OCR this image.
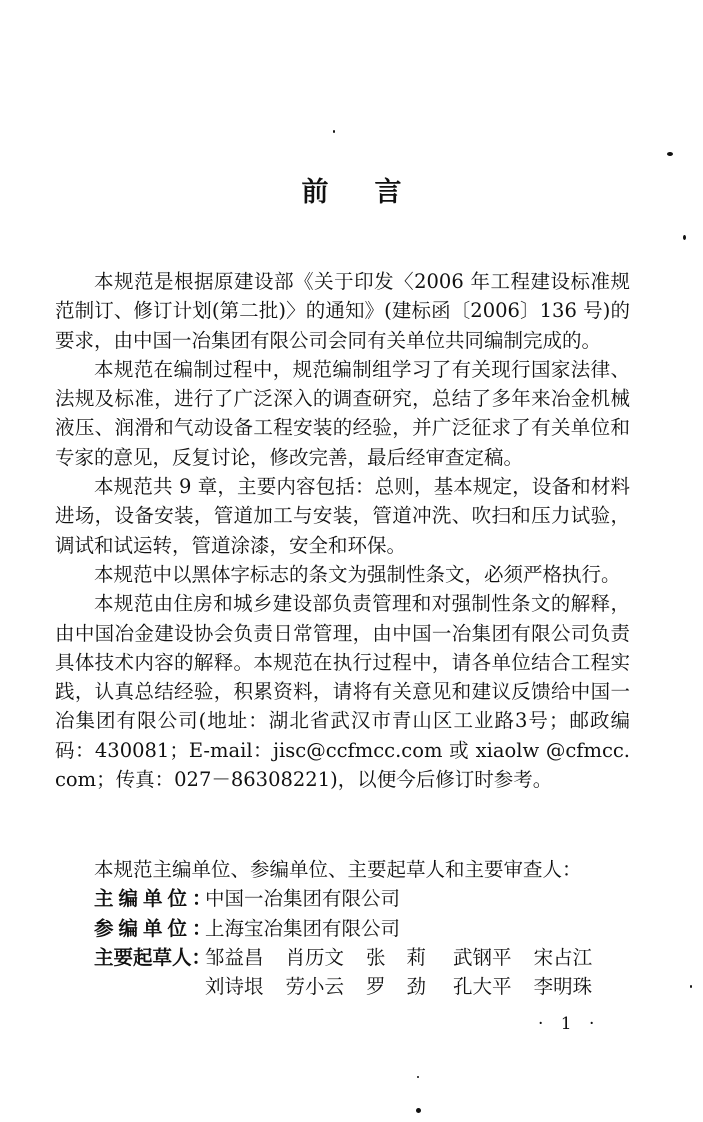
前言

本规范是根据原建设部《关于印发〈2006 年工程建设标准规范制订、修订计划(第二批)〉的通知》(建标函〔2006〕136 号)的要求，由中国一冶集团有限公司会同有关单位共同编制完成的。

本规范在编制过程中，规范编制组学习了有关现行国家法律、法规及标准，进行了广泛深入的调查研究，总结了多年来冶金机械液压、润滑和气动设备工程安装的经验，并广泛征求了有关单位和专家的意见，反复讨论，修改完善，最后经审查定稿。

本规范共 9 章，主要内容包括：总则，基本规定，设备和材料进场，设备安装，管道加工与安装，管道冲洗、吹扫和压力试验，调试和试运转，管道涂漆，安全和环保。

本规范中以黑体字标志的条文为强制性条文，必须严格执行。

本规范由住房和城乡建设部负责管理和对强制性条文的解释，由中国冶金建设协会负责日常管理，由中国一冶集团有限公司负责具体技术内容的解释。本规范在执行过程中，请各单位结合工程实践，认真总结经验，积累资料，请将有关意见和建议反馈给中国一冶集团有限公司(地址：湖北省武汉市青山区工业路3号；邮政编码：430081；E-mail：jisc@ccfmcc.com 或 xiaolw @cfmcc. com；传真：027－86308221)，以便今后修订时参考。

本规范主编单位、参编单位、主要起草人和主要审查人：

主编单位：
中国一冶集团有限公司
参编单位：
上海宝冶集团有限公司
主要起草人：
邹益昌 肖历文 张莉 武钢平 宋占江
刘诗垠 劳小云 罗劲 孔大平 李明珠
· 1 ·
